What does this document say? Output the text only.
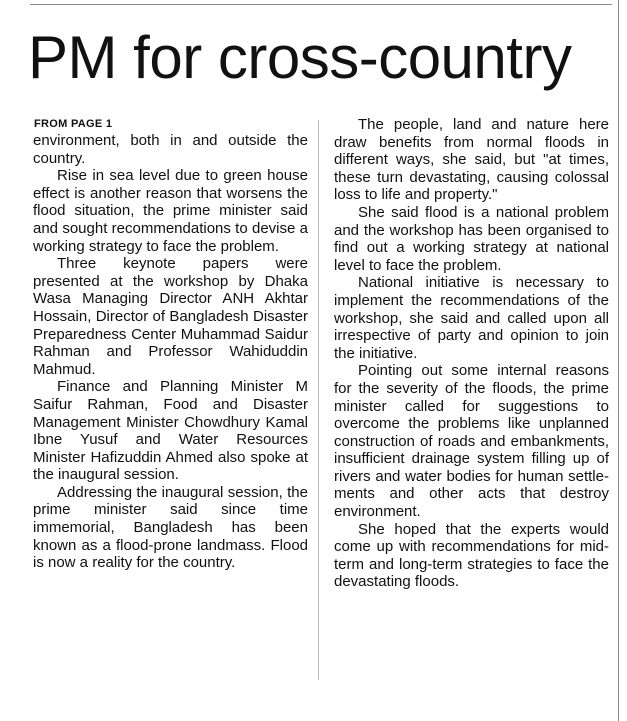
PM for cross-country
FROM PAGE 1

environment, both in and outside the country.

Rise in sea level due to green house effect is another reason that worsens the flood situation, the prime minister said and sought recommendations to devise a working strategy to face the problem.

Three keynote papers were presented at the workshop by Dhaka Wasa Managing Director ANH Akhtar Hossain, Director of Bangladesh Disaster Preparedness Center Muhammad Saidur Rahman and Professor Wahiduddin Mahmud.

Finance and Planning Minister M Saifur Rahman, Food and Disaster Management Minister Chowdhury Kamal Ibne Yusuf and Water Resources Minister Hafizuddin Ahmed also spoke at the inaugural session.

Addressing the inaugural session, the prime minister said since time immemorial, Bangladesh has been known as a flood-prone landmass. Flood is now a reality for the country.

The people, land and nature here draw benefits from normal floods in different ways, she said, but "at times, these turn devastating, causing colossal loss to life and property."

She said flood is a national problem and the workshop has been organised to find out a working strategy at national level to face the problem.

National initiative is necessary to implement the recommendations of the workshop, she said and called upon all irrespective of party and opinion to join the initiative.

Pointing out some internal reasons for the severity of the floods, the prime minister called for suggestions to overcome the problems like unplanned construction of roads and embankments, insufficient drainage system filling up of rivers and water bodies for human settlements and other acts that destroy environment.

She hoped that the experts would come up with recommendations for mid-term and long-term strategies to face the devastating floods.
